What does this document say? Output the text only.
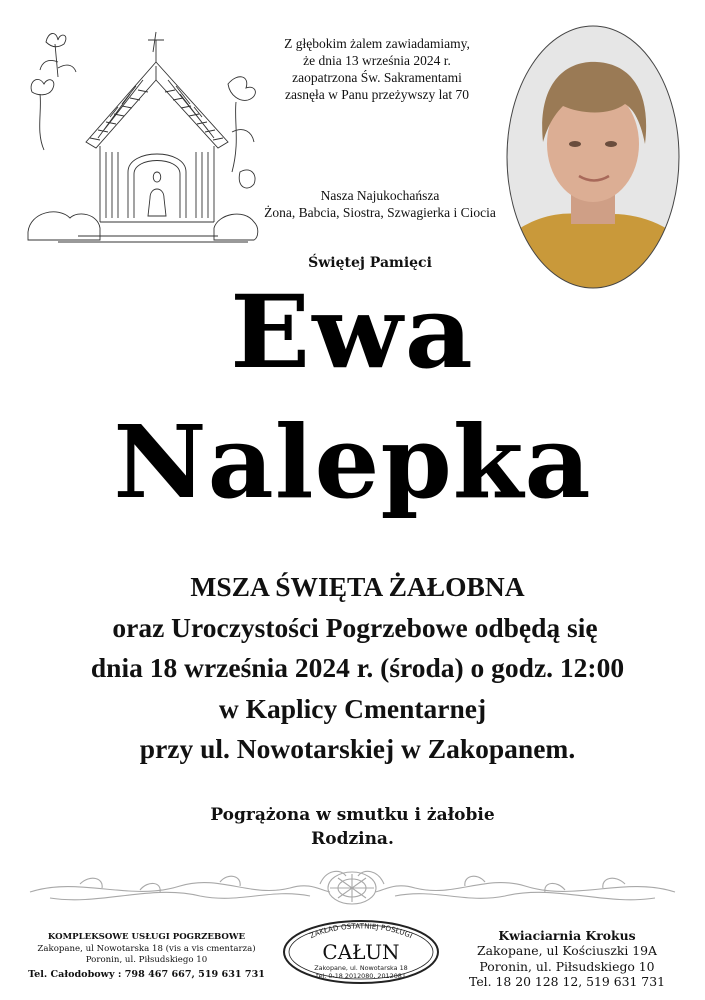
Z głębokim żalem zawiadamiamy,
że dnia 13 września 2024 r.
zaopatrzona Św. Sakramentami
zasnęła w Panu przeżywszy lat 70
Nasza Najukochańsza
Żona, Babcia, Siostra, Szwagierka i Ciocia
Świętej Pamięci
Ewa
Nalepka
MSZA ŚWIĘTA ŻAŁOBNA
oraz Uroczystości Pogrzebowe odbędą się
dnia 18 września 2024 r. (środa) o godz. 12:00
w Kaplicy Cmentarnej
przy ul. Nowotarskiej w Zakopanem.
Pogrążona w smutku i żałobie
Rodzina.
KOMPLEKSOWE USŁUGI POGRZEBOWE
Zakopane, ul Nowotarska 18 (vis a vis cmentarza)
Poronin, ul. Piłsudskiego 10
Tel. Całodobowy : 798 467 667, 519 631 731
ZAKŁAD OSTATNIEJ POSŁUGI
CAŁUN
Zakopane, ul. Nowotarska 18
tel. 0-18 2012080, 2012081
Kwiaciarnia Krokus
Zakopane, ul Kościuszki 19A
Poronin, ul. Piłsudskiego 10
Tel. 18 20 128 12, 519 631 731
